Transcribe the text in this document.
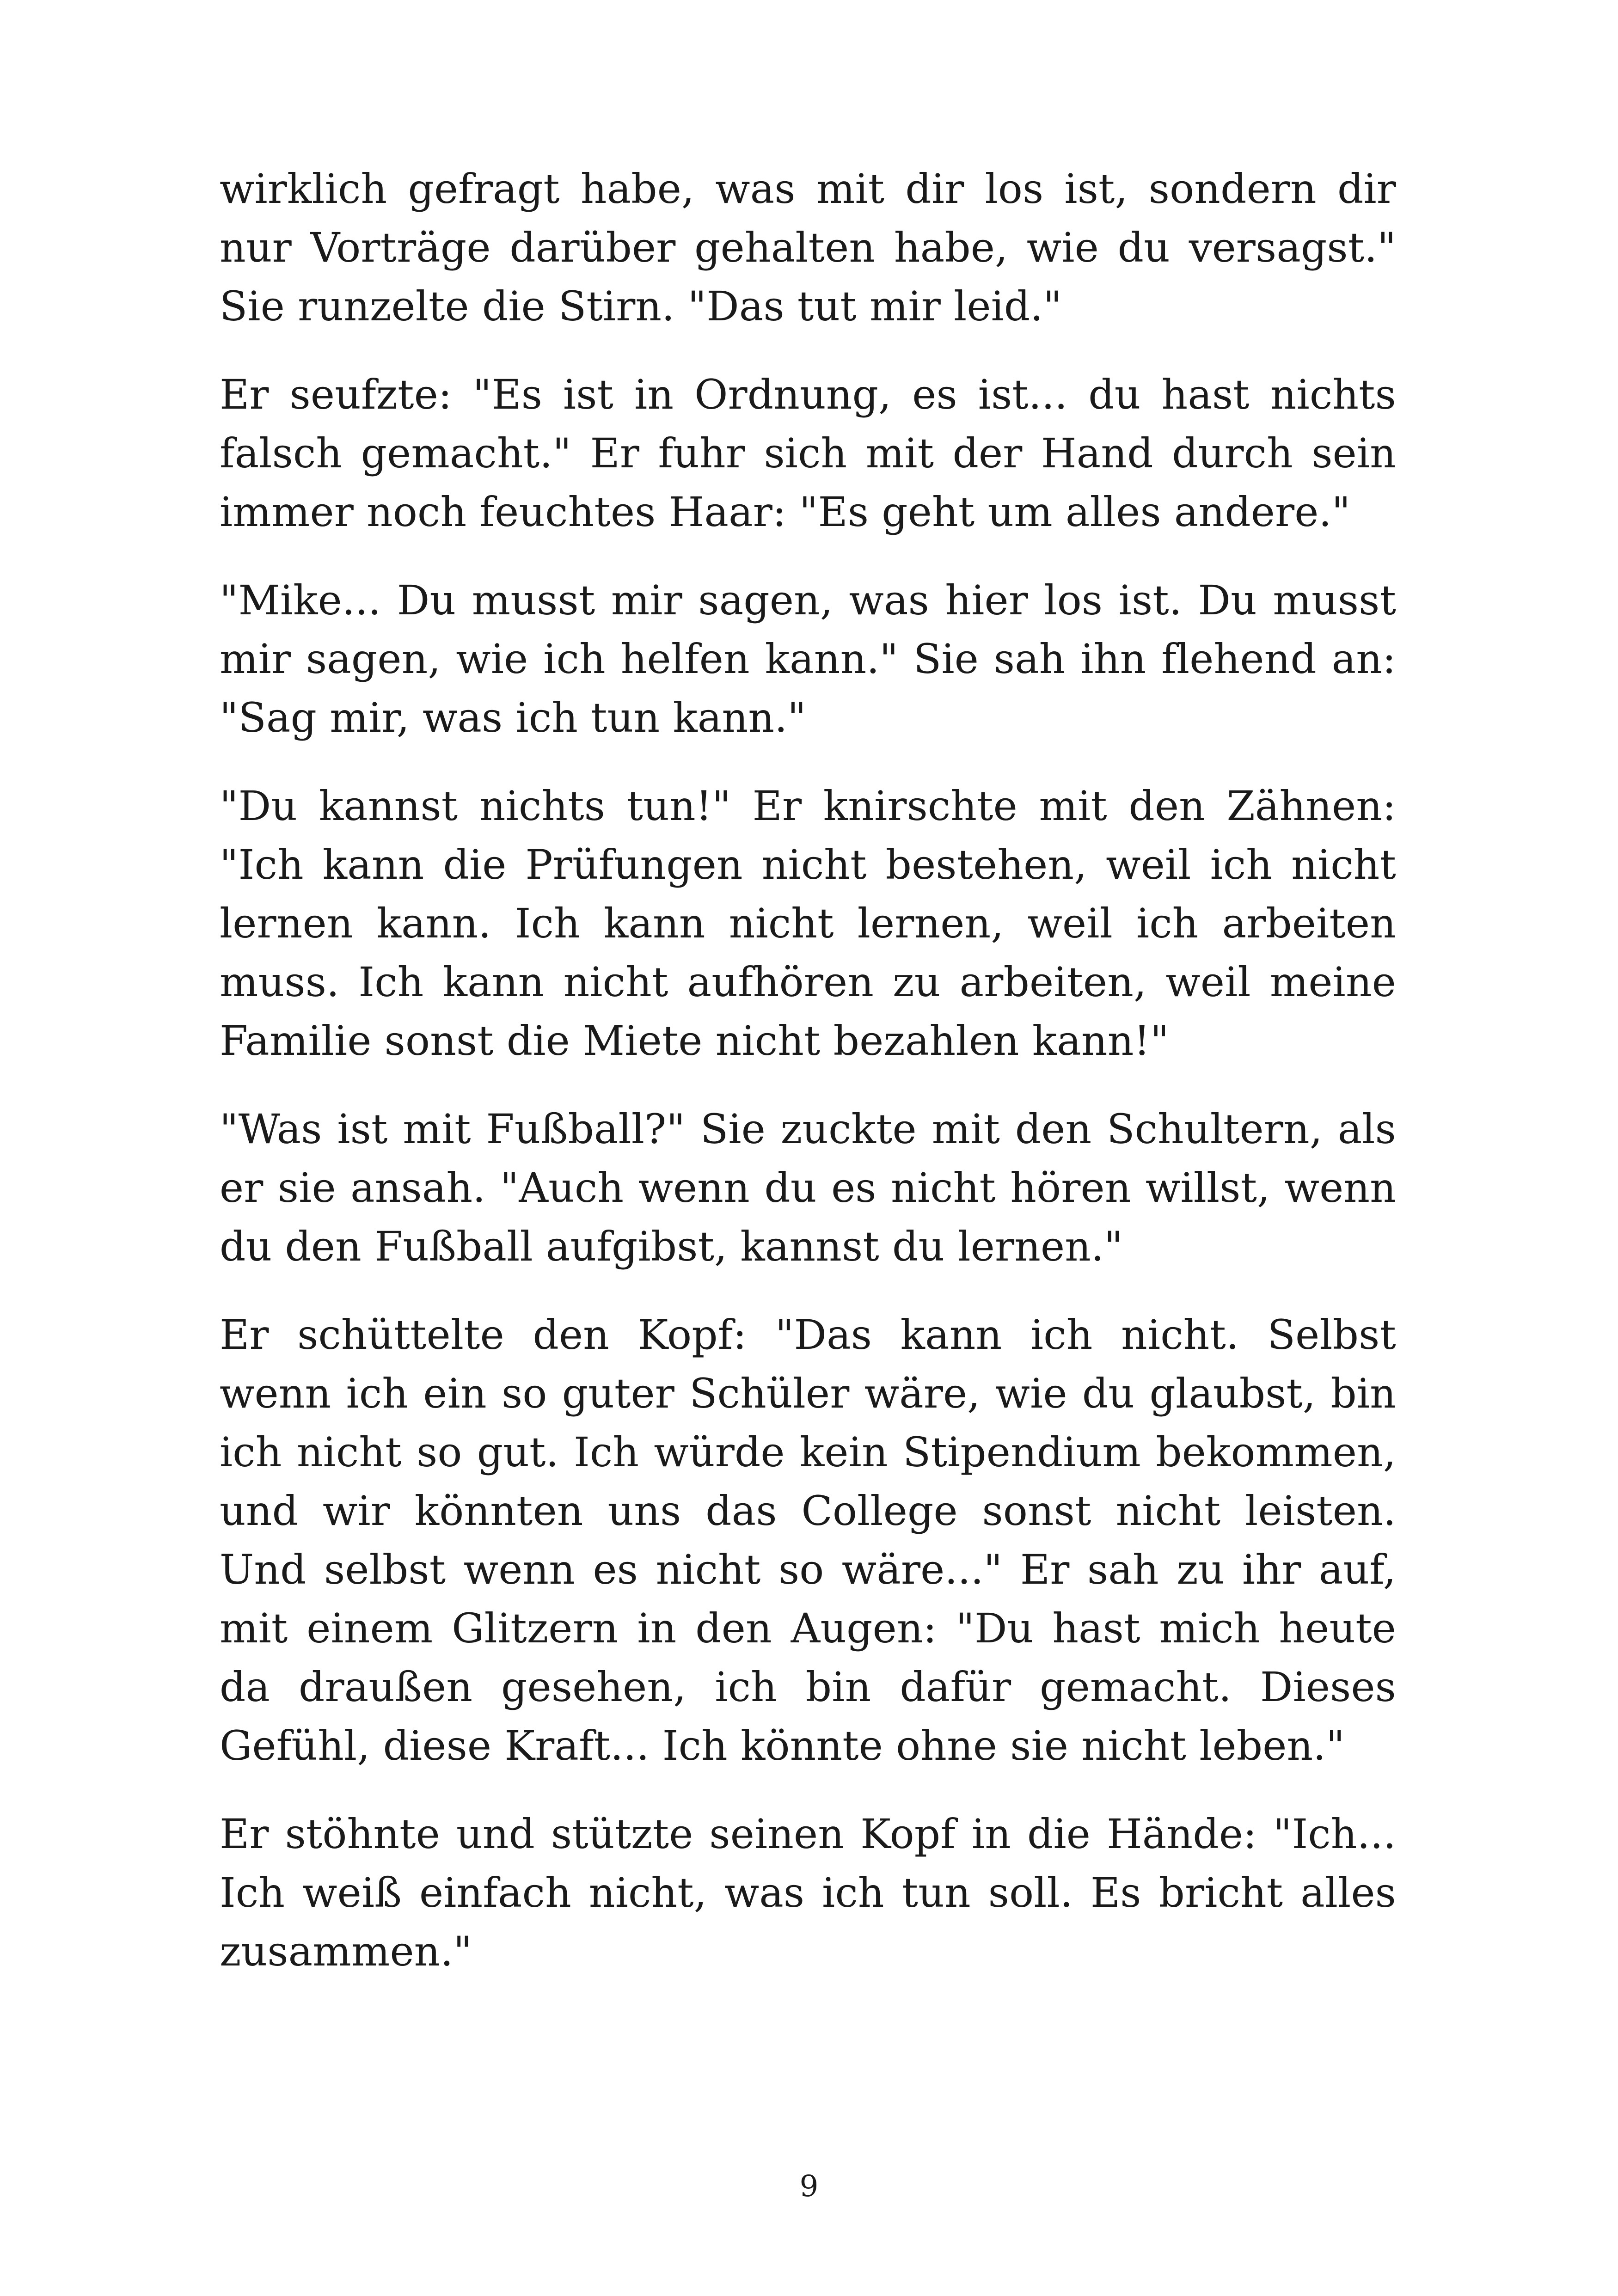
wirklich gefragt habe, was mit dir los ist, sondern dir nur Vorträge darüber gehalten habe, wie du versagst." Sie runzelte die Stirn. "Das tut mir leid."

Er seufzte: "Es ist in Ordnung, es ist... du hast nichts falsch gemacht." Er fuhr sich mit der Hand durch sein immer noch feuchtes Haar: "Es geht um alles andere."

"Mike... Du musst mir sagen, was hier los ist. Du musst mir sagen, wie ich helfen kann." Sie sah ihn flehend an: "Sag mir, was ich tun kann."

"Du kannst nichts tun!" Er knirschte mit den Zähnen: "Ich kann die Prüfungen nicht bestehen, weil ich nicht lernen kann. Ich kann nicht lernen, weil ich arbeiten muss. Ich kann nicht aufhören zu arbeiten, weil meine Familie sonst die Miete nicht bezahlen kann!"

"Was ist mit Fußball?" Sie zuckte mit den Schultern, als er sie ansah. "Auch wenn du es nicht hören willst, wenn du den Fußball aufgibst, kannst du lernen."

Er schüttelte den Kopf: "Das kann ich nicht. Selbst wenn ich ein so guter Schüler wäre, wie du glaubst, bin ich nicht so gut. Ich würde kein Stipendium bekommen, und wir könnten uns das College sonst nicht leisten. Und selbst wenn es nicht so wäre..." Er sah zu ihr auf, mit einem Glitzern in den Augen: "Du hast mich heute da draußen gesehen, ich bin dafür gemacht. Dieses Gefühl, diese Kraft... Ich könnte ohne sie nicht leben."

Er stöhnte und stützte seinen Kopf in die Hände: "Ich... Ich weiß einfach nicht, was ich tun soll. Es bricht alles zusammen."

9
